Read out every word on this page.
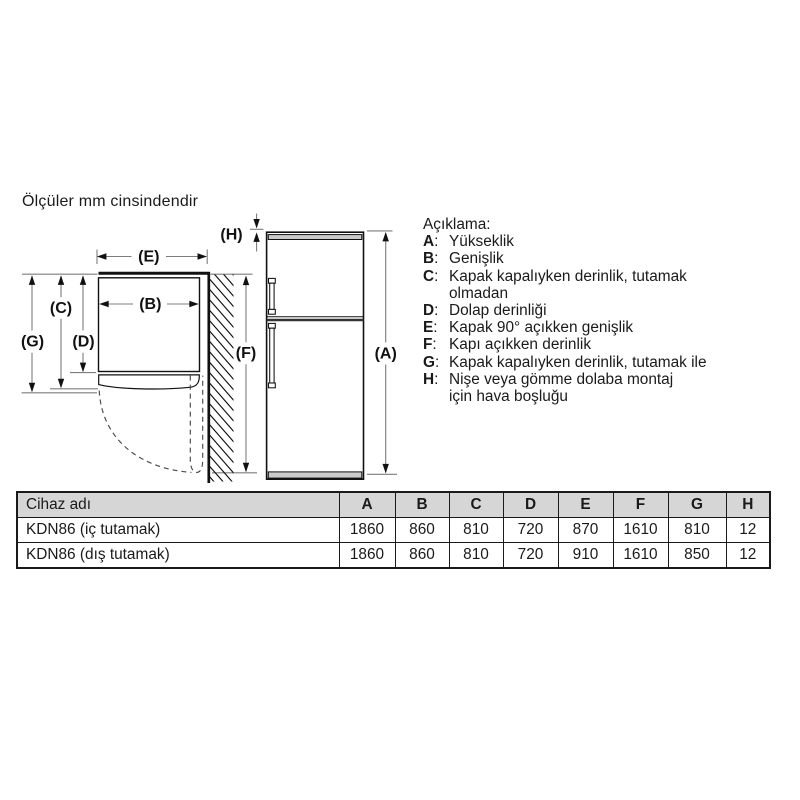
Ölçüler mm cinsindendir
(E)
(B)
(G)
(C)
(D)
(F)	(A)
(H)
Açıklama:
A: Yükseklik
B: Genişlik
C: Kapak kapalıyken derinlik, tutamak
olmadan
D: Dolap derinliği
E: Kapak 90° açıkken genişlik
F: Kapı açıkken derinlik
G: Kapak kapalıyken derinlik, tutamak ile
H: Nişe veya gömme dolaba montaj
için hava boşluğu
Cihaz adı	A	B	C	D	E	F	G	H
KDN86 (iç tutamak)	1860	860	810	720	870	1610	810	12
KDN86 (dış tutamak)	1860	860	810	720	910	1610	850	12
